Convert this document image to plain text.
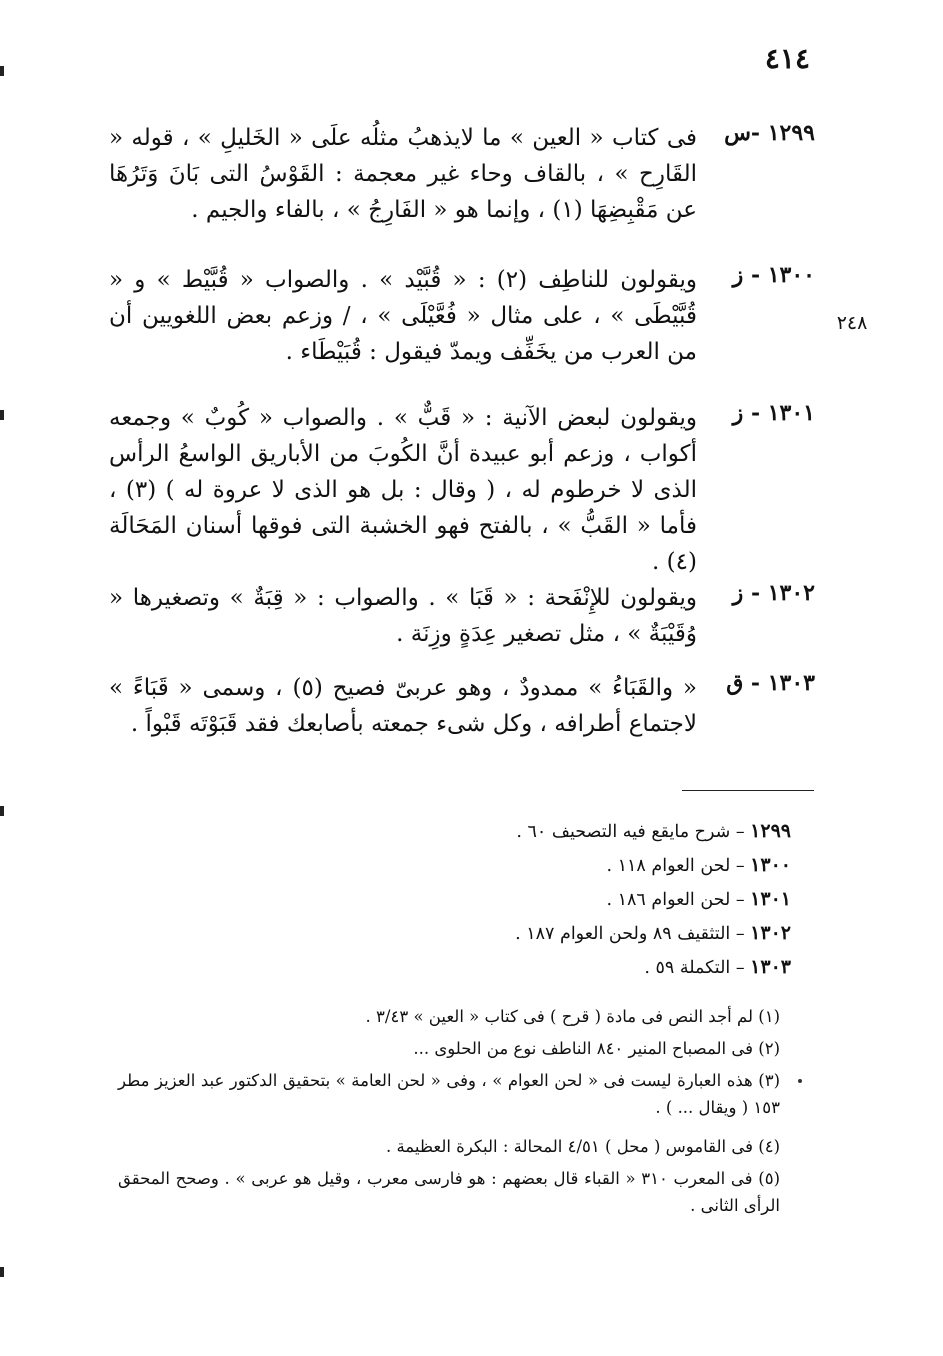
٤١٤
٢٤٨
١٢٩٩ -س
فى كتاب « العين » ما لايذهبُ مثلُه علَى « الخَليلِ » ، قوله « القَارِح » ، بالقاف وحاء غير معجمة : القَوْسُ التى بَانَ وَتَرُهَا عن مَقْبِضِهَا (١) ، وإنما هو « الفَارِجُ » ، بالفاء والجيم .
١٣٠٠ - ز
ويقولون للناطِف (٢) : « قُبَّيْد » . والصواب « قُبَّيْط » و « قُبَّيْطَى » ، على مثال « فُعَّيْلَى » ، / وزعم بعض اللغويين أن من العرب من يخَفِّف ويمدّ فيقول : قُبَيْطَاء .
١٣٠١ - ز
ويقولون لبعض الآنية : « قَبٌّ » . والصواب « كُوبٌ » وجمعه أكواب ، وزعم أبو عبيدة أنَّ الكُوبَ من الأباريق الواسعُ الرأس الذى لا خرطوم له ، ( وقال : بل هو الذى لا عروة له ) (٣) ، فأما « القَبُّ » ، بالفتح فهو الخشبة التى فوقها أسنان المَحَالَة (٤) .
١٣٠٢ - ز
ويقولون للإِنْفَحة : « قَبَا » . والصواب : « قِبَةٌ » وتصغيرها « وُقَيْبَةٌ » ، مثل تصغير عِدَةٍ وزِنَة .
١٣٠٣ - ق
« والقَبَاءُ » ممدودٌ ، وهو عربىّ فصيح (٥) ، وسمى « قَبَاءً » لاجتماع أطرافه ، وكل شىء جمعته بأصابعك فقد قَبَوْتَه قَبْواً .
١٢٩٩ – شرح مايقع فيه التصحيف ٦٠ .
١٣٠٠ – لحن العوام ١١٨ .
١٣٠١ – لحن العوام ١٨٦ .
١٣٠٢ – التثقيف ٨٩ ولحن العوام ١٨٧ .
١٣٠٣ – التكملة ٥٩ .
(١) لم أجد النص فى مادة ( قرح ) فى كتاب « العين » ٣/٤٣ .
(٢) فى المصباح المنير ٨٤٠ الناطف نوع من الحلوى ...
(٣) هذه العبارة ليست فى « لحن العوام » ، وفى « لحن العامة » بتحقيق الدكتور عبد العزيز مطر ١٥٣ ( ويقال ... ) .
(٤) فى القاموس ( محل ) ٤/٥١ المحالة : البكرة العظيمة .
(٥) فى المعرب ٣١٠ « القباء قال بعضهم : هو فارسى معرب ، وقيل هو عربى » . وصحح المحقق الرأى الثانى .
